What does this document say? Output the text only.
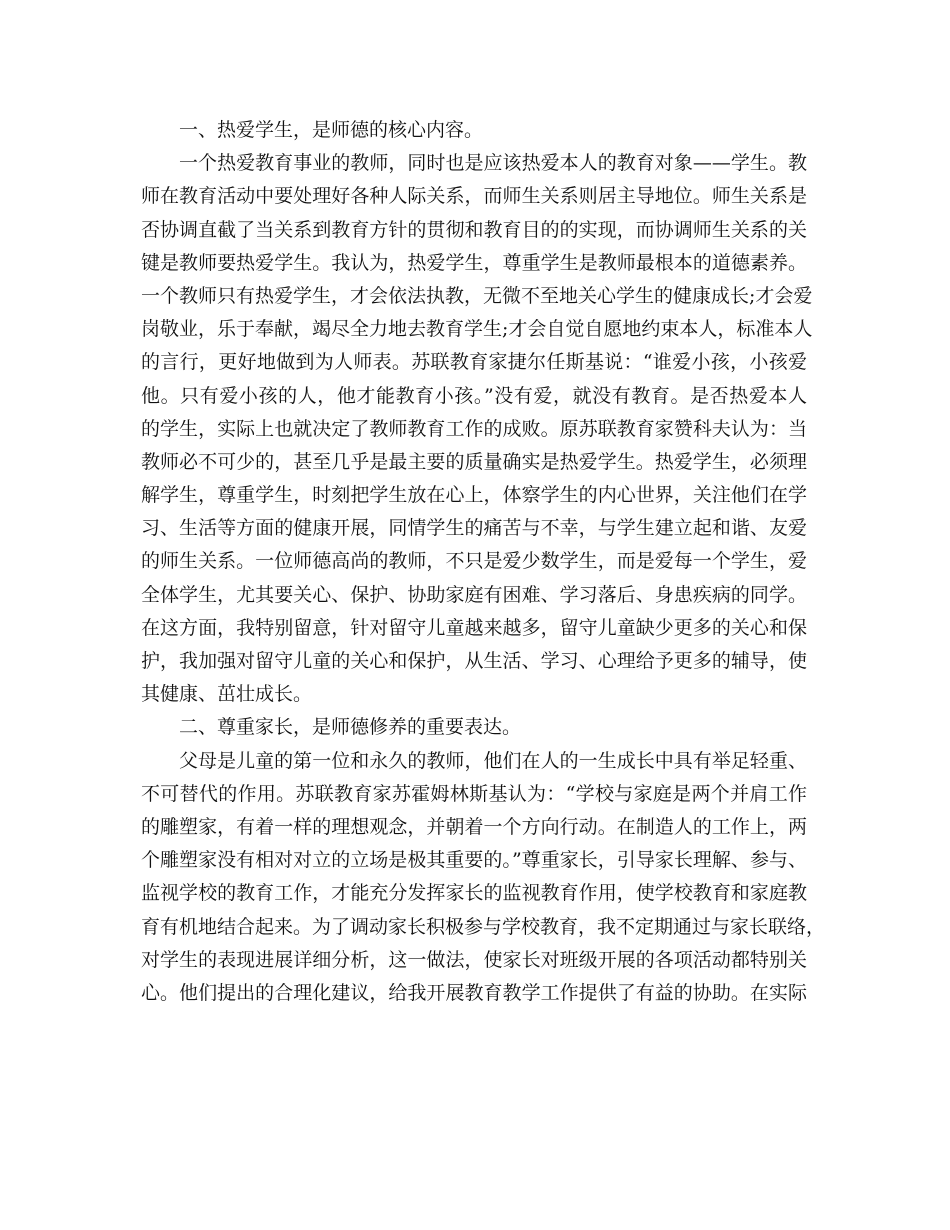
一、热爱学生，是师德的核心内容。
一个热爱教育事业的教师，同时也是应该热爱本人的教育对象——学生。教
师在教育活动中要处理好各种人际关系，而师生关系则居主导地位。师生关系是
否协调直截了当关系到教育方针的贯彻和教育目的的实现，而协调师生关系的关
键是教师要热爱学生。我认为，热爱学生，尊重学生是教师最根本的道德素养。
一个教师只有热爱学生，才会依法执教，无微不至地关心学生的健康成长;才会爱
岗敬业，乐于奉献，竭尽全力地去教育学生;才会自觉自愿地约束本人，标准本人
的言行，更好地做到为人师表。苏联教育家捷尔任斯基说：“谁爱小孩，小孩爱
他。只有爱小孩的人，他才能教育小孩。”没有爱，就没有教育。是否热爱本人
的学生，实际上也就决定了教师教育工作的成败。原苏联教育家赞科夫认为：当
教师必不可少的，甚至几乎是最主要的质量确实是热爱学生。热爱学生，必须理
解学生，尊重学生，时刻把学生放在心上，体察学生的内心世界，关注他们在学
习、生活等方面的健康开展，同情学生的痛苦与不幸，与学生建立起和谐、友爱
的师生关系。一位师德高尚的教师，不只是爱少数学生，而是爱每一个学生，爱
全体学生，尤其要关心、保护、协助家庭有困难、学习落后、身患疾病的同学。
在这方面，我特别留意，针对留守儿童越来越多，留守儿童缺少更多的关心和保
护，我加强对留守儿童的关心和保护，从生活、学习、心理给予更多的辅导，使
其健康、茁壮成长。
二、尊重家长，是师德修养的重要表达。
父母是儿童的第一位和永久的教师，他们在人的一生成长中具有举足轻重、
不可替代的作用。苏联教育家苏霍姆林斯基认为：“学校与家庭是两个并肩工作
的雕塑家，有着一样的理想观念，并朝着一个方向行动。在制造人的工作上，两
个雕塑家没有相对对立的立场是极其重要的。”尊重家长，引导家长理解、参与、
监视学校的教育工作，才能充分发挥家长的监视教育作用，使学校教育和家庭教
育有机地结合起来。为了调动家长积极参与学校教育，我不定期通过与家长联络，
对学生的表现进展详细分析，这一做法，使家长对班级开展的各项活动都特别关
心。他们提出的合理化建议，给我开展教育教学工作提供了有益的协助。在实际
